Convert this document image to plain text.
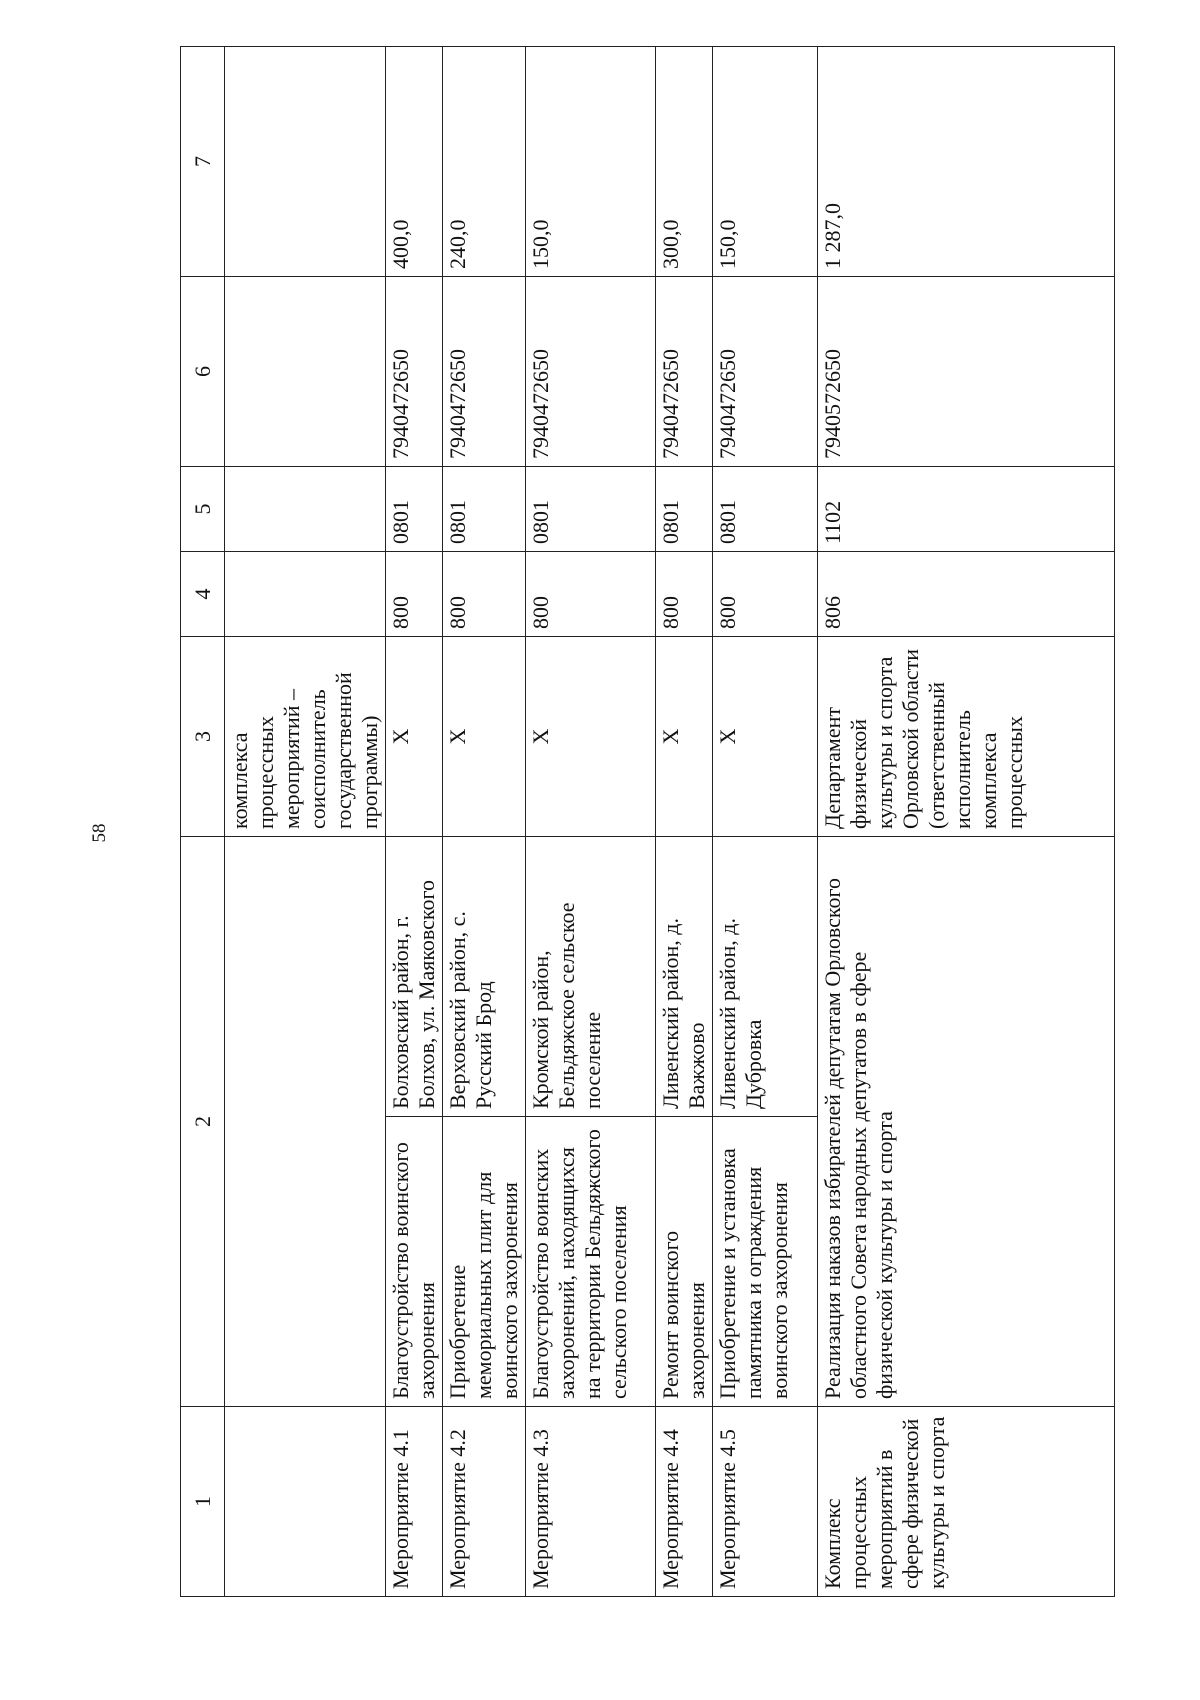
58
1	2		3	4	5	6	7
			комплекса процессных мероприятий – соисполнитель государственной программы)				
Мероприятие 4.1	Благоустройство воинского захоронения	Болховский район, г. Болхов, ул. Маяковского	X	800	0801	7940472650	400,0
Мероприятие 4.2	Приобретение мемориальных плит для воинского захоронения	Верховский район, с. Русский Брод	X	800	0801	7940472650	240,0
Мероприятие 4.3	Благоустройство воинских захоронений, находящихся на территории Бельдяжского сельского поселения	Кромской район, Бельдяжское сельское поселение	X	800	0801	7940472650	150,0
Мероприятие 4.4	Ремонт воинского захоронения	Ливенский район, д. Важжово	X	800	0801	7940472650	300,0
Мероприятие 4.5	Приобретение и установка памятника и ограждения воинского захоронения	Ливенский район, д. Дубровка	X	800	0801	7940472650	150,0
Комплекс процессных мероприятий в сфере физической культуры и спорта	Реализация наказов избирателей депутатам Орловского областного Совета народных депутатов в сфере физической культуры и спорта		Департамент физической культуры и спорта Орловской области (ответственный исполнитель комплекса процессных	806	1102	7940572650	1 287,0
